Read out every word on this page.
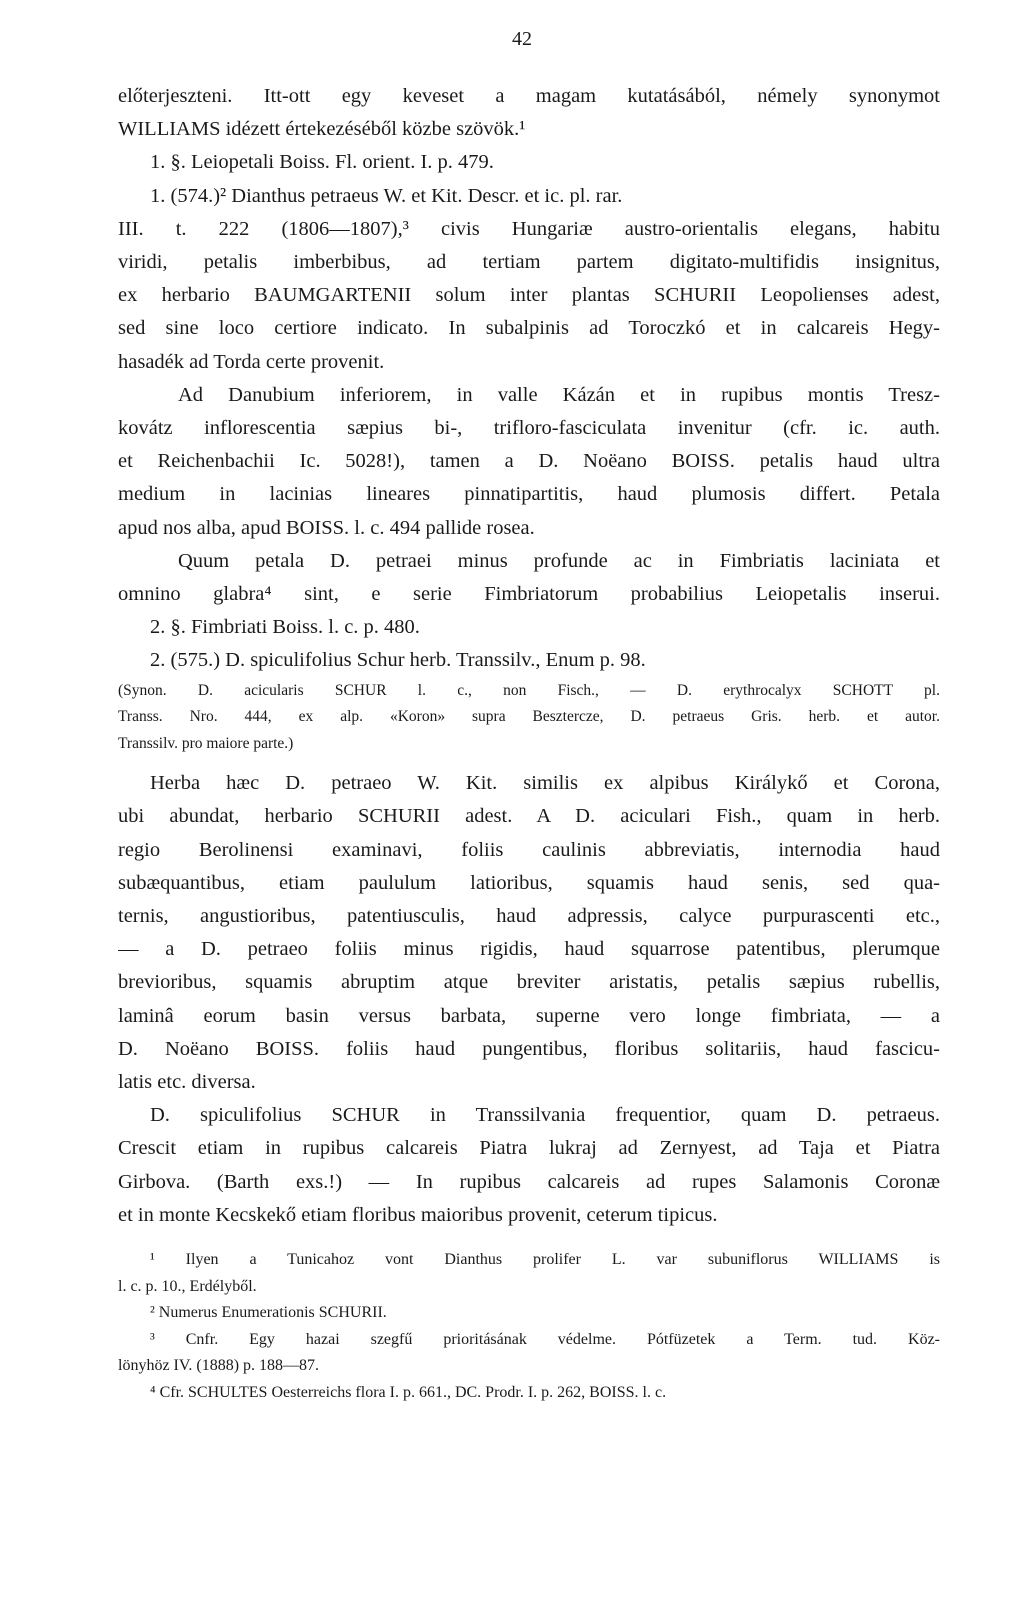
42
előterjeszteni. Itt-ott egy keveset a magam kutatásából, némely synonymot
WILLIAMS idézett értekezéséből közbe szövök.¹
1. §. Leiopetali Boiss. Fl. orient. I. p. 479.
1. (574.)² Dianthus petraeus W. et Kit. Descr. et ic. pl. rar.
III. t. 222 (1806—1807),³ civis Hungariæ austro-orientalis elegans, habitu
viridi, petalis imberbibus, ad tertiam partem digitato-multifidis insignitus,
ex herbario BAUMGARTENII solum inter plantas SCHURII Leopolienses adest,
sed sine loco certiore indicato. In subalpinis ad Toroczkó et in calcareis Hegy-
hasadék ad Torda certe provenit.
Ad Danubium inferiorem, in valle Kázán et in rupibus montis Tresz-
kovátz inflorescentia sæpius bi-, trifloro-fasciculata invenitur (cfr. ic. auth.
et Reichenbachii Ic. 5028!), tamen a D. Noëano BOISS. petalis haud ultra
medium in lacinias lineares pinnatipartitis, haud plumosis differt. Petala
apud nos alba, apud BOISS. l. c. 494 pallide rosea.
Quum petala D. petraei minus profunde ac in Fimbriatis laciniata et
omnino glabra⁴ sint, e serie Fimbriatorum probabilius Leiopetalis inserui.
2. §. Fimbriati Boiss. l. c. p. 480.
2. (575.) D. spiculifolius Schur herb. Transsilv., Enum p. 98.
(Synon. D. acicularis SCHUR l. c., non Fisch., — D. erythrocalyx SCHOTT pl.
Transs. Nro. 444, ex alp. «Koron» supra Besztercze, D. petraeus Gris. herb. et autor.
Transsilv. pro maiore parte.)
Herba hæc D. petraeo W. Kit. similis ex alpibus Királykő et Corona,
ubi abundat, herbario SCHURII adest. A D. aciculari Fish., quam in herb.
regio Berolinensi examinavi, foliis caulinis abbreviatis, internodia haud
subæquantibus, etiam paululum latioribus, squamis haud senis, sed qua-
ternis, angustioribus, patentiusculis, haud adpressis, calyce purpurascenti etc.,
— a D. petraeo foliis minus rigidis, haud squarrose patentibus, plerumque
brevioribus, squamis abruptim atque breviter aristatis, petalis sæpius rubellis,
laminâ eorum basin versus barbata, superne vero longe fimbriata, — a
D. Noëano BOISS. foliis haud pungentibus, floribus solitariis, haud fascicu-
latis etc. diversa.
D. spiculifolius SCHUR in Transsilvania frequentior, quam D. petraeus.
Crescit etiam in rupibus calcareis Piatra lukraj ad Zernyest, ad Taja et Piatra
Girbova. (Barth exs.!) — In rupibus calcareis ad rupes Salamonis Coronæ
et in monte Kecskekő etiam floribus maioribus provenit, ceterum tipicus.
¹ Ilyen a Tunicahoz vont Dianthus prolifer L. var subuniflorus WILLIAMS is
l. c. p. 10., Erdélyből.
² Numerus Enumerationis SCHURII.
³ Cnfr. Egy hazai szegfű prioritásának védelme. Pótfüzetek a Term. tud. Köz-
lönyhöz IV. (1888) p. 188—87.
⁴ Cfr. SCHULTES Oesterreichs flora I. p. 661., DC. Prodr. I. p. 262, BOISS. l. c.
